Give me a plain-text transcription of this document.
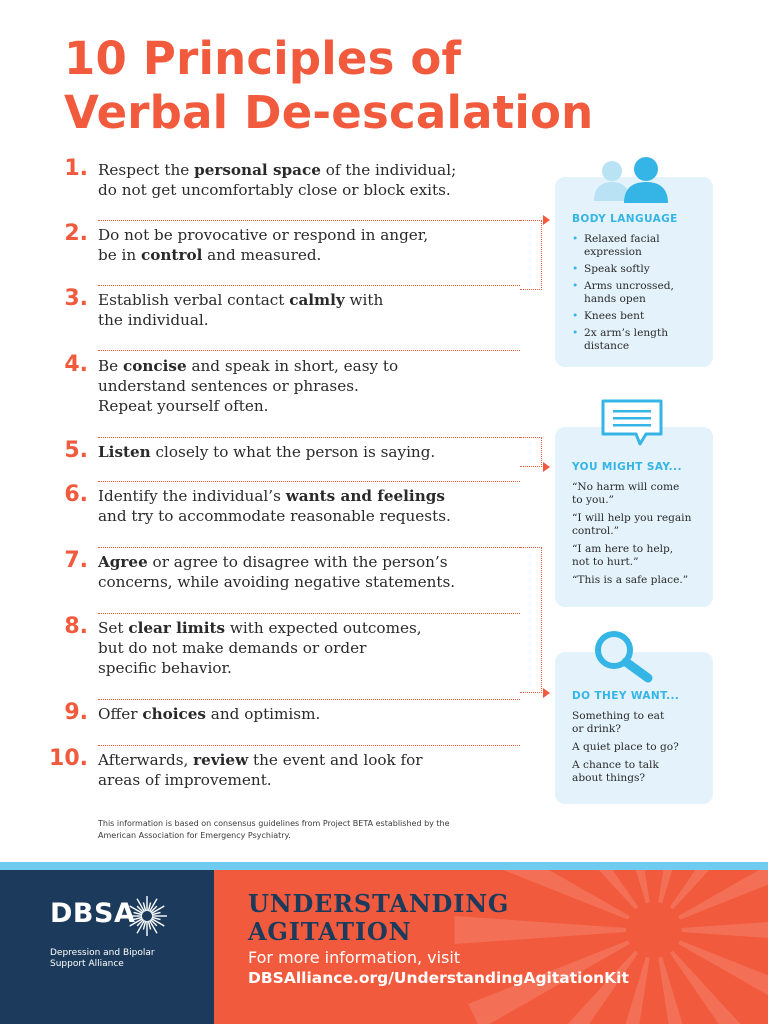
10 Principles of
Verbal De-escalation
1. Respect the personal space of the individual;
do not get uncomfortably close or block exits.
2. Do not be provocative or respond in anger,
be in control and measured.
3. Establish verbal contact calmly with
the individual.
4. Be concise and speak in short, easy to
understand sentences or phrases.
Repeat yourself often.
5. Listen closely to what the person is saying.
6. Identify the individual’s wants and feelings
and try to accommodate reasonable requests.
7. Agree or agree to disagree with the person’s
concerns, while avoiding negative statements.
8. Set clear limits with expected outcomes,
but do not make demands or order
specific behavior.
9. Offer choices and optimism.
10. Afterwards, review the event and look for
areas of improvement.
BODY LANGUAGE
• Relaxed facial
expression
• Speak softly
• Arms uncrossed,
hands open
• Knees bent
• 2x arm’s length
distance
YOU MIGHT SAY...
“No harm will come
to you.”
“I will help you regain
control.”
“I am here to help,
not to hurt.”
“This is a safe place.”
DO THEY WANT...
Something to eat
or drink?
A quiet place to go?
A chance to talk
about things?
This information is based on consensus guidelines from Project BETA established by the
American Association for Emergency Psychiatry.
DBSA
Depression and Bipolar
Support Alliance
UNDERSTANDING
AGITATION
For more information, visit
DBSAlliance.org/UnderstandingAgitationKit
